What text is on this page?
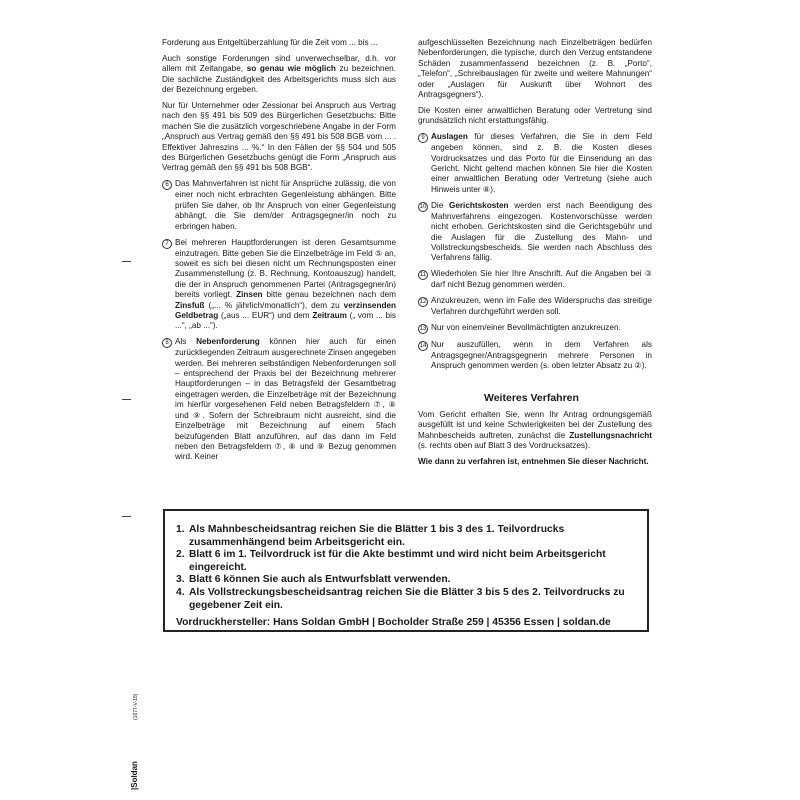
Forderung aus Entgeltüberzahlung für die Zeit vom ... bis ...

Auch sonstige Forderungen sind unverwechselbar, d.h. vor allem mit Zeitangabe, so genau wie möglich zu bezeichnen. Die sachliche Zuständigkeit des Arbeitsgerichts muss sich aus der Bezeichnung ergeben.

Nur für Unternehmer oder Zessionar bei Anspruch aus Vertrag nach den §§ 491 bis 509 des Bürgerlichen Gesetzbuchs: Bitte machen Sie die zusätzlich vorgeschriebene Angabe in der Form „Anspruch aus Vertrag gemäß den §§ 491 bis 508 BGB vom ... . Effektiver Jahreszins ... %.“ In den Fällen der §§ 504 und 505 des Bürgerlichen Gesetzbuchs genügt die Form „Anspruch aus Vertrag gemäß den §§ 491 bis 508 BGB“.

6 Das Mahnverfahren ist nicht für Ansprüche zulässig, die von einer noch nicht erbrachten Gegenleistung abhängen. Bitte prüfen Sie daher, ob Ihr Anspruch von einer Gegenleistung abhängt, die Sie dem/der Antragsgegner/in noch zu erbringen haben.
7 Bei mehreren Hauptforderungen ist deren Gesamtsumme einzutragen. Bitte geben Sie die Einzelbeträge im Feld ⑤ an, soweit es sich bei diesen nicht um Rechnungsposten einer Zusammenstellung (z. B. Rechnung, Kontoauszug) handelt, die der in Anspruch genommenen Partei (Antragsgegner/in) bereits vorliegt. Zinsen bitte genau bezeichnen nach dem Zinsfuß („... % jährlich/monatlich“), dem zu verzinsenden Geldbetrag („aus ... EUR“) und dem Zeitraum („ vom ... bis ...“, „ab ...“).
8 Als Nebenforderung können hier auch für einen zurückliegenden Zeitraum ausgerechnete Zinsen angegeben werden. Bei mehreren selbständigen Nebenforderungen soll – entsprechend der Praxis bei der Bezeichnung mehrerer Hauptforderungen – in das Betragsfeld der Gesamtbetrag eingetragen werden, die Einzelbeträge mit der Bezeichnung im hierfür vorgesehenen Feld neben Betragsfeldern ⑦, ⑧ und ⑨. Sofern der Schreibraum nicht ausreicht, sind die Einzelbeträge mit Bezeichnung auf einem 5fach beizufügenden Blatt anzuführen, auf das dann im Feld neben den Betragsfeldern ⑦, ⑧ und ⑨ Bezug genommen wird. Keiner

aufgeschlüsselten Bezeichnung nach Einzelbeträgen bedürfen Nebenforderungen, die typische, durch den Verzug entstandene Schäden zusammenfassend bezeichnen (z. B. „Porto“, „Telefon“, „Schreibauslagen für zweite und weitere Mahnungen“ oder „Auslagen für Auskunft über Wohnort des Antragsgegners“).

Die Kosten einer anwaltlichen Beratung oder Vertretung sind grundsätzlich nicht erstattungsfähig.

9 Auslagen für dieses Verfahren, die Sie in dem Feld angeben können, sind z. B. die Kosten dieses Vordrucksatzes und das Porto für die Einsendung an das Gericht. Nicht geltend machen können Sie hier die Kosten einer anwaltlichen Beratung oder Vertretung (siehe auch Hinweis unter ⑧).
10 Die Gerichtskosten werden erst nach Beendigung des Mahnverfahrens eingezogen. Kostenvorschüsse werden nicht erhoben. Gerichtskosten sind die Gerichtsgebühr und die Auslagen für die Zustellung des Mahn- und Vollstreckungsbescheids. Sie werden nach Abschluss des Verfahrens fällig.
11 Wiederholen Sie hier Ihre Anschrift. Auf die Angaben bei ③ darf nicht Bezug genommen werden.
12 Anzukreuzen, wenn im Falle des Widerspruchs das streitige Verfahren durchgeführt werden soll.
13 Nur von einem/einer Bevollmächtigten anzukreuzen.
14 Nur auszufüllen, wenn in dem Verfahren als Antragsgegner/Antragsgegnerin mehrere Personen in Anspruch genommen werden (s. oben letzter Absatz zu ②).
Weiteres Verfahren

Vom Gericht erhalten Sie, wenn Ihr Antrag ordnungsgemäß ausgefüllt ist und keine Schwierigkeiten bei der Zustellung des Mahnbescheids auftreten, zunächst die Zustellungsnachricht (s. rechts oben auf Blatt 3 des Vordrucksatzes).

Wie dann zu verfahren ist, entnehmen Sie dieser Nachricht.

1. Als Mahnbescheidsantrag reichen Sie die Blätter 1 bis 3 des 1. Teilvordrucks zusammenhängend beim Arbeitsgericht ein.
2. Blatt 6 im 1. Teilvordruck ist für die Akte bestimmt und wird nicht beim Arbeitsgericht eingereicht.
3. Blatt 6 können Sie auch als Entwurfsblatt verwenden.
4. Als Vollstreckungsbescheidsantrag reichen Sie die Blätter 3 bis 5 des 2. Teilvordrucks zu gegebener Zeit ein.
Vordruckhersteller: Hans Soldan GmbH | Bocholder Straße 259 | 45356 Essen | soldan.de
|Soldan
(1677-V-18)
